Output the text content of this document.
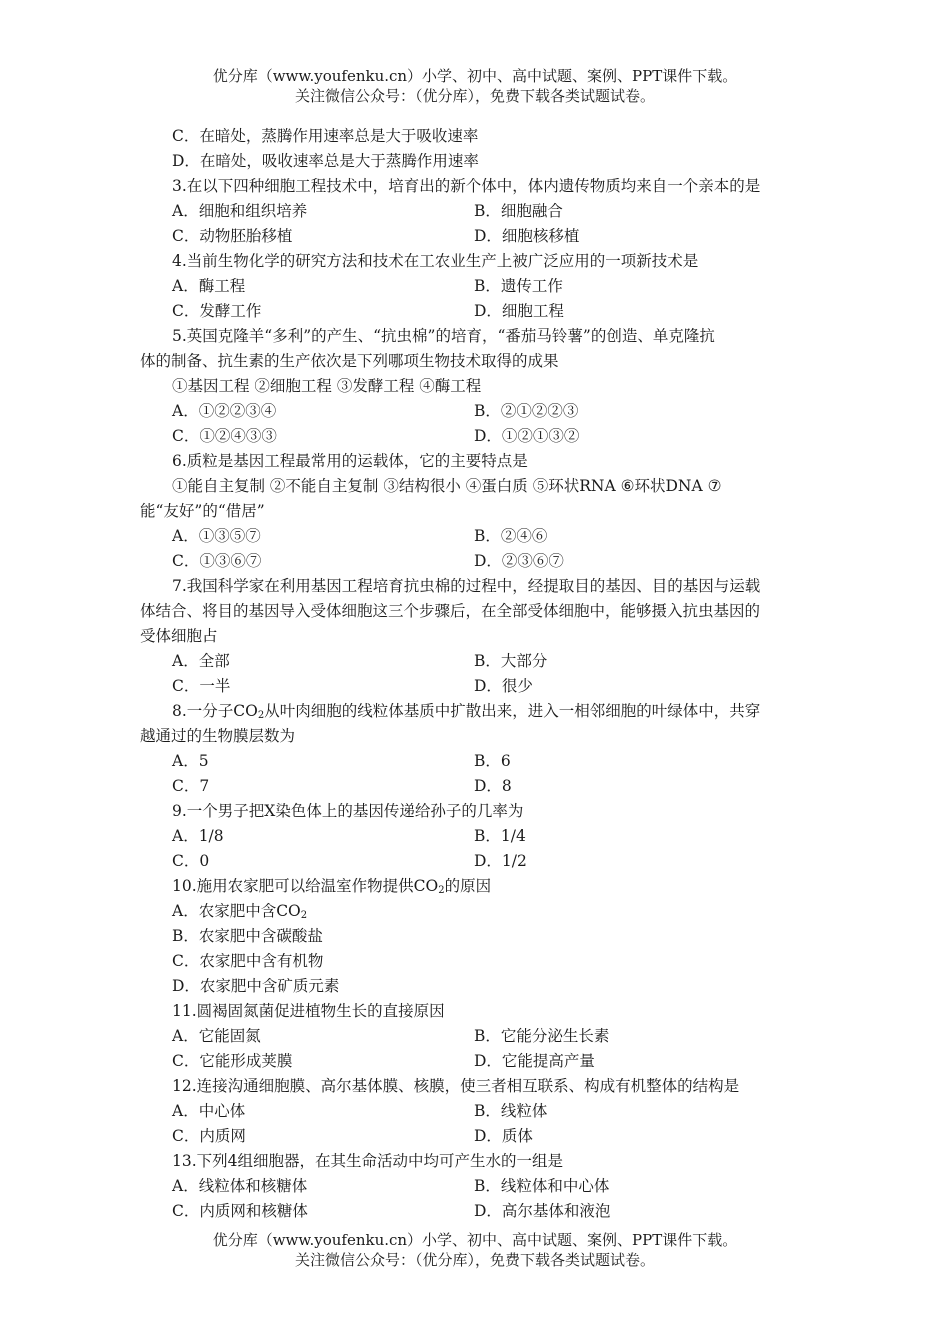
优分库（www.youfenku.cn）小学、初中、高中试题、案例、PPT课件下载。
关注微信公众号：（优分库），免费下载各类试题试卷。
C．在暗处，蒸腾作用速率总是大于吸收速率
D．在暗处，吸收速率总是大于蒸腾作用速率
3.在以下四种细胞工程技术中，培育出的新个体中，体内遗传物质均来自一个亲本的是
A．细胞和组织培养	B．细胞融合
C．动物胚胎移植	D．细胞核移植
4.当前生物化学的研究方法和技术在工农业生产上被广泛应用的一项新技术是
A．酶工程	B．遗传工作
C．发酵工作	D．细胞工程
5.英国克隆羊“多利”的产生、“抗虫棉”的培育，“番茄马铃薯”的创造、单克隆抗
体的制备、抗生素的生产依次是下列哪项生物技术取得的成果
①基因工程 ②细胞工程 ③发酵工程 ④酶工程
A．①②②③④	B．②①②②③
C．①②④③③	D．①②①③②
6.质粒是基因工程最常用的运载体，它的主要特点是
①能自主复制 ②不能自主复制 ③结构很小 ④蛋白质 ⑤环状RNA ⑥环状DNA ⑦
能“友好”的“借居”
A．①③⑤⑦	B．②④⑥
C．①③⑥⑦	D．②③⑥⑦
7.我国科学家在利用基因工程培育抗虫棉的过程中，经提取目的基因、目的基因与运载
体结合、将目的基因导入受体细胞这三个步骤后，在全部受体细胞中，能够摄入抗虫基因的
受体细胞占
A．全部	B．大部分
C．一半	D．很少
8.一分子$CO_2$从叶肉细胞的线粒体基质中扩散出来，进入一相邻细胞的叶绿体中，共穿
越通过的生物膜层数为
A．5	B．6
C．7	D．8
9.一个男子把X染色体上的基因传递给孙子的几率为
A．1/8	B．1/4
C．0	D．1/2
10.施用农家肥可以给温室作物提供$CO_2$的原因
A．农家肥中含$CO_2$
B．农家肥中含碳酸盐
C．农家肥中含有机物
D．农家肥中含矿质元素
11.圆褐固氮菌促进植物生长的直接原因
A．它能固氮	B．它能分泌生长素
C．它能形成荚膜	D．它能提高产量
12.连接沟通细胞膜、高尔基体膜、核膜，使三者相互联系、构成有机整体的结构是
A．中心体	B．线粒体
C．内质网	D．质体
13.下列4组细胞器，在其生命活动中均可产生水的一组是
A．线粒体和核糖体	B．线粒体和中心体
C．内质网和核糖体	D．高尔基体和液泡
优分库（www.youfenku.cn）小学、初中、高中试题、案例、PPT课件下载。
关注微信公众号：（优分库），免费下载各类试题试卷。
